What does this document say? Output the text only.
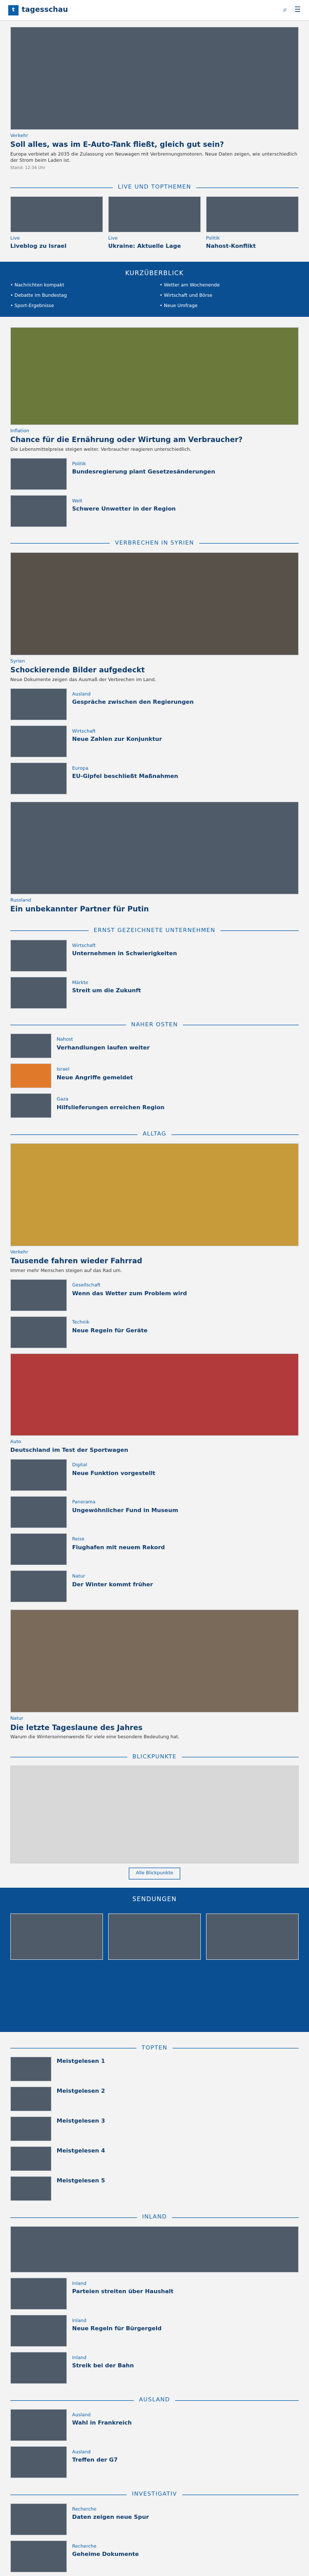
t tagesschau	⌕ ☰
Verkehr
Soll alles, was im E-Auto-Tank fließt, gleich gut sein?
Europa verbietet ab 2035 die Zulassung von Neuwagen mit Verbrennungsmotoren. Neue Daten zeigen, wie unterschiedlich der Strom beim Laden ist.
Stand: 12:34 Uhr
LIVE UND TOPTHEMEN
Live
Liveblog zu Israel
Live
Ukraine: Aktuelle Lage
Politik
Nahost-Konflikt
KURZÜBERBLICK
• Nachrichten kompakt	• Wetter am Wochenende
• Debatte im Bundestag	• Wirtschaft und Börse
• Sport-Ergebnisse	• Neue Umfrage
Inflation
Chance für die Ernährung oder Wirtung am Verbraucher?
Die Lebensmittelpreise steigen weiter. Verbraucher reagieren unterschiedlich.
Politik
Bundesregierung plant Gesetzesänderungen
Welt
Schwere Unwetter in der Region
VERBRECHEN IN SYRIEN
Syrien
Schockierende Bilder aufgedeckt
Neue Dokumente zeigen das Ausmaß der Verbrechen im Land.
Ausland
Gespräche zwischen den Regierungen
Wirtschaft
Neue Zahlen zur Konjunktur
Europa
EU-Gipfel beschließt Maßnahmen
Russland
Ein unbekannter Partner für Putin
ERNST GEZEICHNETE UNTERNEHMEN
Wirtschaft
Unternehmen in Schwierigkeiten
Märkte
Streit um die Zukunft
NAHER OSTEN
Nahost
Verhandlungen laufen weiter
Israel
Neue Angriffe gemeldet
Gaza
Hilfslieferungen erreichen Region
ALLTAG
Verkehr
Tausende fahren wieder Fahrrad
Immer mehr Menschen steigen auf das Rad um.
Gesellschaft
Wenn das Wetter zum Problem wird
Technik
Neue Regeln für Geräte
Auto
Deutschland im Test der Sportwagen
Digital
Neue Funktion vorgestellt
Panorama
Ungewöhnlicher Fund in Museum
Reise
Flughafen mit neuem Rekord
Natur
Der Winter kommt früher
Natur
Die letzte Tageslaune des Jahres
Warum die Wintersonnenwende für viele eine besondere Bedeutung hat.
BLICKPUNKTE
Alle Blickpunkte
SENDUNGEN
TOPTEN
Meistgelesen 1
Meistgelesen 2
Meistgelesen 3
Meistgelesen 4
Meistgelesen 5
INLAND
Inland
Parteien streiten über Haushalt
Inland
Neue Regeln für Bürgergeld
Inland
Streik bei der Bahn
AUSLAND
Ausland
Wahl in Frankreich
Ausland
Treffen der G7
INVESTIGATIV
Recherche
Daten zeigen neue Spur
Recherche
Geheime Dokumente
